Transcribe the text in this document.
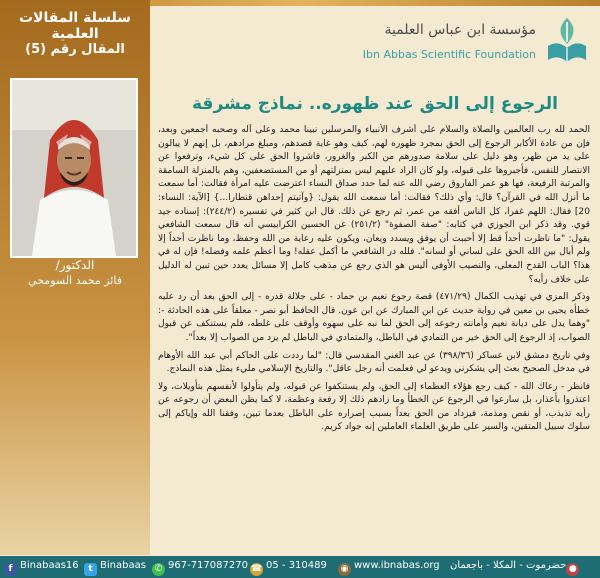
سلسلة المقالات العلمية
المقال رقم (5)
الدكتور/
فائز محمد السومحي
مؤسسة ابن عباس العلمية
Ibn Abbas Scientific Foundation
الرجوع إلى الحق عند ظهوره.. نماذج مشرقة

الحمد لله رب العالمين والصلاة والسلام على أشرف الأنبياء والمرسلين نبينا محمد وعلى آله وصحبه أجمعين وبعد، فإن من عادة الأكابر الرجوع إلى الحق بمجرد ظهوره لهم، كيف وهو غاية قصدهم، ومبلغ مرادهم، بل إنهم لا يبالون على يد من ظهر، وهو دليل على سلامة صدورهم من الكبر والغرور، فاشروا الحق على كل شيء، وترفعوا عن الانتصار للنفس، فأجبروها على قبوله، ولو كان الراد عليهم ليس بمنزلتهم أو من المستضعفين، وهم بالمنزلة السامقة والمرتبة الرفيعة، فها هو عمر الفاروق رضي الله عنه لما حدد صداق النساء اعترضت عليه امرأة فقالت: أما سمعت ما أنزل الله في القرآن؟ قال: وأي ذلك؟ فقالت: أما سمعت الله يقول: {وآتيتم إحداهن قنطارا...} [الآية: النساء: 20] فقال: اللهم غفرا، كل الناس أفقه من عمر، ثم رجع عن ذلك. قال ابن كثير في تفسيره (٢٤٤/٢): إسناده جيد قوي. وقد ذكر ابن الجوزي في كتابه: "صفة الصفوة" (٢٥١/٢) عن الحسين الكرابيسي أنه قال سمعت الشافعي يقول: "ما ناظرت أحداً قط إلا أحببت أن يوفق ويسدد ويعان، ويكون عليه رعاية من الله وحفظ، وما ناظرت أحداً إلا ولم أبال بين الله الحق على لساني أو لسانه". فلله در الشافعي ما أكمل عقله! وما أعظم علمه وفضله! فإن له في هذا؟ الباب القدح المعلى، والنصيب الأوفى أليس هو الذي رجع عن مذهب كامل إلا مسائل يعدد حين تبين له الدليل على خلاف رأيه؟

وذكر المزي في تهذيب الكمال (٤٧١/٢٩) قصة رجوع نعيم بن حماد - على جلالة قدره - إلى الحق بعد أن رد عليه خطأه يحيى بن معين في رواية حديث عن ابن المبارك عن ابن عون. قال الحافظ أبو نصر - معلقاً على هذه الحادثة -: "وهما يدل على ديانة نعيم وأمانته رجوعه إلى الحق لما نبه على سهوه وأوقف على غلطه، فلم يستنكف عن قبول الصواب، إذ الرجوع إلى الحق خير من التمادي في الباطل، والمتمادي في الباطل لم يزد من الصواب إلا بعداً".

وفي تاريخ دمشق لابن عساكر (٣٩٨/٣٦) عن عبد الغني المقدسي قال: "لما رددت على الحاكم أبي عبد الله الأوهام في مدخل الصحيح بعث إلي يشكرني ويدعو لي فعلمت أنه رجل عاقل". والتاريخ الإسلامي مليء بمثل هذه النماذج.

فانظر - رعاك الله - كيف رجع هؤلاء العظماء إلى الحق، ولم يستنكفوا عن قبوله، ولم يتأولوا لأنفسهم بتأويلات، ولا اعتذروا بأعذار، بل سارعوا في الرجوع عن الخطأ وما زادهم ذلك إلا رفعة وعظمة، لا كما يظن البعض أن رجوعه عن رأيه تذبذب، أو نقص ومذمة، فيزداد من الحق بعداً بسبب إصراره على الباطل بعدما تبين، وفقنا الله وإياكم إلى سلوك سبيل المتقين، والسير على طريق العلماء العاملين إنه جواد كريم.

f Binabaas16	t Binabaas ✆ 967-717087270 ☎ 05 - 310489 ◉ www.ibnabas.org	●حضرموت - المكلا - باجعمان
